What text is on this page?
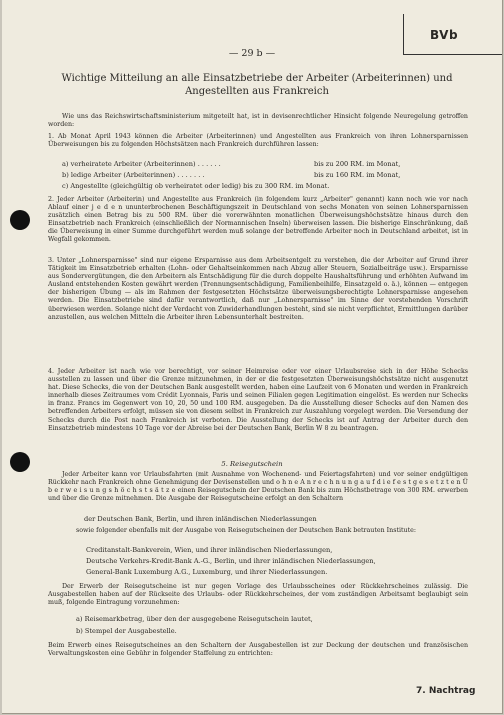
BVb
— 29 b —
Wichtige Mitteilung an alle Einsatzbetriebe der Arbeiter (Arbeiterinnen) und
Angestellten aus Frankreich
Wie uns das Reichswirtschaftsministerium mitgeteilt hat, ist in devisenrechtlicher Hinsicht folgende Neuregelung getroffen worden:
1. Ab Monat April 1943 können die Arbeiter (Arbeiterinnen) und Angestellten aus Frankreich von ihren Lohnersparnissen Überweisungen bis zu folgenden Höchstsätzen nach Frankreich durchführen lassen:
a) verheiratete Arbeiter (Arbeiterinnen) . . . . . .	bis zu 200 RM. im Monat,
b) ledige Arbeiter (Arbeiterinnen) . . . . . . .	bis zu 160 RM. im Monat,
c) Angestellte (gleichgültig ob verheiratet oder ledig) bis zu 300 RM. im Monat.
2. Jeder Arbeiter (Arbeiterin) und Angestellte aus Frankreich (in folgendem kurz „Arbeiter" genannt) kann noch wie vor nach Ablauf einer j e d e n ununterbrochenen Beschäftigungszeit in Deutschland von sechs Monaten von seinen Lohnersparnissen zusätzlich einen Betrag bis zu 500 RM. über die vorerwähnten monatlichen Überweisungshöchstsätze hinaus durch den Einsatzbetrieb nach Frankreich (einschließlich der Normannischen Inseln) überweisen lassen. Die bisherige Einschränkung, daß die Überweisung in einer Summe durchgeführt werden muß solange der betreffende Arbeiter noch in Deutschland arbeitet, ist in Wegfall gekommen.
3. Unter „Lohnersparnisse" sind nur eigene Ersparnisse aus dem Arbeitsentgelt zu verstehen, die der Arbeiter auf Grund ihrer Tätigkeit im Einsatzbetrieb erhalten (Lohn- oder Gehaltseinkommen nach Abzug aller Steuern, Sozialbeiträge usw.). Ersparnisse aus Sondervergütungen, die den Arbeitern als Entschädigung für die durch doppelte Haushaltsführung und erhöhten Aufwand im Ausland entstehenden Kosten gewährt werden (Trennungsentschädigung, Familienbeihilfe, Einsatzgeld o. ä.), können — entgegen der bisherigen Übung — als im Rahmen der festgesetzten Höchstsätze überweisungsberechtigte Lohnersparnisse angesehen werden. Die Einsatzbetriebe sind dafür verantwortlich, daß nur „Lohnersparnisse" im Sinne der vorstehenden Vorschrift überwiesen werden. Solange nicht der Verdacht von Zuwiderhandlungen besteht, sind sie nicht verpflichtet, Ermittlungen darüber anzustellen, aus welchen Mitteln die Arbeiter ihren Lebensunterhalt bestreiten.
4. Jeder Arbeiter ist nach wie vor berechtigt, vor seiner Heimreise oder vor einer Urlaubsreise sich in der Höhe Schecks ausstellen zu lassen und über die Grenze mitzunehmen, in der er die festgesetzten Überweisungshöchstsätze nicht ausgenutzt hat. Diese Schecks, die von der Deutschen Bank ausgestellt werden, haben eine Laufzeit von 6 Monaten und werden in Frankreich innerhalb dieses Zeitraumes vom Crédit Lyonnais, Paris und seinen Filialen gegen Legitimation eingelöst. Es werden nur Schecks in franz. Francs im Gegenwert von 10, 20, 50 und 100 RM. ausgegeben. Da die Ausstellung dieser Schecks auf den Namen des betreffenden Arbeiters erfolgt, müssen sie von diesem selbst in Frankreich zur Auszahlung vorgelegt werden. Die Versendung der Schecks durch die Post nach Frankreich ist verboten. Die Ausstellung der Schecks ist auf Antrag der Arbeiter durch den Einsatzbetrieb mindestens 10 Tage vor der Abreise bei der Deutschen Bank, Berlin W 8 zu beantragen.
5. Reisegutschein
Jeder Arbeiter kann vor Urlaubsfahrten (mit Ausnahme von Wochenend- und Feiertagsfahrten) und vor seiner endgültigen Rückkehr nach Frankreich ohne Genehmigung der Devisenstellen und o h n e A n r e c h n u n g a u f d i e f e s t g e s e t z t e n Ü b e r w e i s u n g s h ö c h s t s ä t z e einen Reisegutschein der Deutschen Bank bis zum Höchstbetrage von 300 RM. erwerben und über die Grenze mitnehmen. Die Ausgabe der Reisegutscheine erfolgt an den Schaltern
der Deutschen Bank, Berlin, und ihren inländischen Niederlassungen
sowie folgender ebenfalls mit der Ausgabe von Reisegutscheinen der Deutschen Bank betrauten Institute:
Creditanstalt-Bankverein, Wien, und ihrer inländischen Niederlassungen,
Deutsche Verkehrs-Kredit-Bank A.-G., Berlin, und ihrer inländischen Niederlassungen,
General-Bank Luxemburg A.G., Luxemburg, und ihrer Niederlassungen.
Der Erwerb der Reisegutscheine ist nur gegen Vorlage des Urlaubsscheines oder Rückkehrscheines zulässig. Die Ausgabestellen haben auf der Rückseite des Urlaubs- oder Rückkehrscheines, der vom zuständigen Arbeitsamt beglaubigt sein muß, folgende Eintragung vorzunehmen:
a) Reisemarkbetrag, über den der ausgegebene Reisegutschein lautet,
b) Stempel der Ausgabestelle.
Beim Erwerb eines Reisegutscheines an den Schaltern der Ausgabestellen ist zur Deckung der deutschen und französischen Verwaltungskosten eine Gebühr in folgender Staffelung zu entrichten:
7. Nachtrag
